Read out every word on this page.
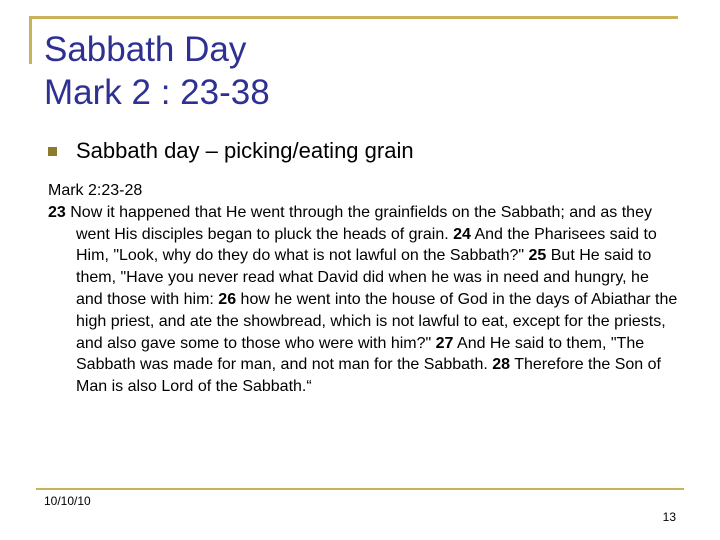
Sabbath Day
Mark 2 : 23-38
Sabbath day – picking/eating grain
Mark 2:23-28
23 Now it happened that He went through the grainfields on the Sabbath; and as they went His disciples began to pluck the heads of grain. 24 And the Pharisees said to Him, "Look, why do they do what is not lawful on the Sabbath?" 25 But He said to them, "Have you never read what David did when he was in need and hungry, he and those with him: 26 how he went into the house of God in the days of Abiathar the high priest, and ate the showbread, which is not lawful to eat, except for the priests, and also gave some to those who were with him?" 27 And He said to them, "The Sabbath was made for man, and not man for the Sabbath. 28 Therefore the Son of Man is also Lord of the Sabbath.“
10/10/10
13
